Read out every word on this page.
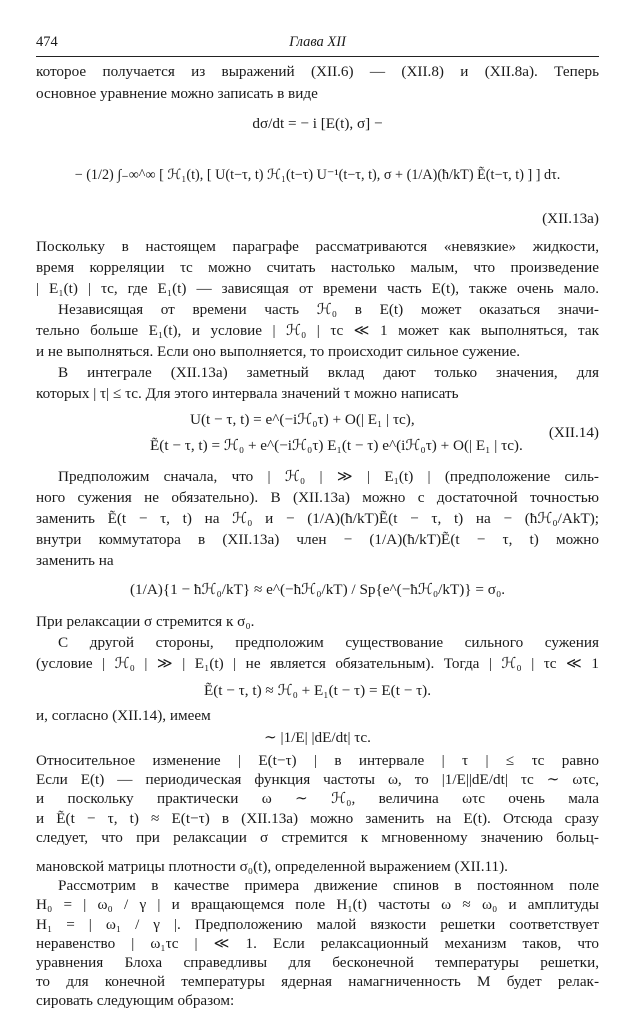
474	Глава XII
которое получается из выражений (XII.6) — (XII.8) и (XII.8а). Теперь
основное уравнение можно записать в виде
dσ/dt = − i [E(t), σ] −
− (1/2) ∫₋∞^∞ [ ℋ₁(t), [ U(t−τ, t) ℋ₁(t−τ) U⁻¹(t−τ, t), σ + (1/A)(ħ/kT) Ẽ(t−τ, t) ] ] dτ.
(XII.13а)
Поскольку в настоящем параграфе рассматриваются «невязкие» жидкости,
время корреляции τc можно считать настолько малым, что произведение
| E₁(t) | τc, где E₁(t) — зависящая от времени часть E(t), также очень мало.
Независящая от времени часть ℋ₀ в E(t) может оказаться значи-
тельно больше E₁(t), и условие | ℋ₀ | τc ≪ 1 может как выполняться, так
и не выполняться. Если оно выполняется, то происходит сильное сужение.
В интеграле (XII.13а) заметный вклад дают только значения, для
которых | τ| ≤ τc. Для этого интервала значений τ можно написать
U(t − τ, t) = e^(−iℋ₀τ) + O(| E₁ | τc),
Ẽ(t − τ, t) = ℋ₀ + e^(−iℋ₀τ) E₁(t − τ) e^(iℋ₀τ) + O(| E₁ | τc).
(XII.14)
Предположим сначала, что | ℋ₀ | ≫ | E₁(t) | (предположение силь-
ного сужения не обязательно). В (XII.13а) можно с достаточной точностью
заменить Ẽ(t − τ, t) на ℋ₀ и − (1/A)(ħ/kT)Ẽ(t − τ, t) на − (ħℋ₀/AkT);
внутри коммутатора в (XII.13а) член − (1/A)(ħ/kT)Ẽ(t − τ, t) можно
заменить на
(1/A){1 − ħℋ₀/kT} ≈ e^(−ħℋ₀/kT) / Sp{e^(−ħℋ₀/kT)} = σ₀.
При релаксации σ стремится к σ₀.
С другой стороны, предположим существование сильного сужения
(условие | ℋ₀ | ≫ | E₁(t) | не является обязательным). Тогда | ℋ₀ | τc ≪ 1
и, согласно (XII.14), имеем
Ẽ(t − τ, t) ≈ ℋ₀ + E₁(t − τ) = E(t − τ).
Относительное изменение | E(t−τ) | в интервале | τ | ≤ τc равно
∼ |1/E| |dE/dt| τc.
Если E(t) — периодическая функция частоты ω, то |1/E||dE/dt| τc ∼ ωτc,
и поскольку практически ω ∼ ℋ₀, величина ωτc очень мала
и Ẽ(t − τ, t) ≈ E(t−τ) в (XII.13а) можно заменить на E(t). Отсюда сразу
следует, что при релаксации σ стремится к мгновенному значению больц-
мановской матрицы плотности σ₀(t), определенной выражением (XII.11).
Рассмотрим в качестве примера движение спинов в постоянном поле
H₀ = | ω₀ / γ | и вращающемся поле H₁(t) частоты ω ≈ ω₀ и амплитуды
H₁ = | ω₁ / γ |. Предположению малой вязкости решетки соответствует
неравенство | ω₁τc | ≪ 1. Если релаксационный механизм таков, что
уравнения Блоха справедливы для бесконечной температуры решетки,
то для конечной температуры ядерная намагниченность M будет релак-
сировать следующим образом:
